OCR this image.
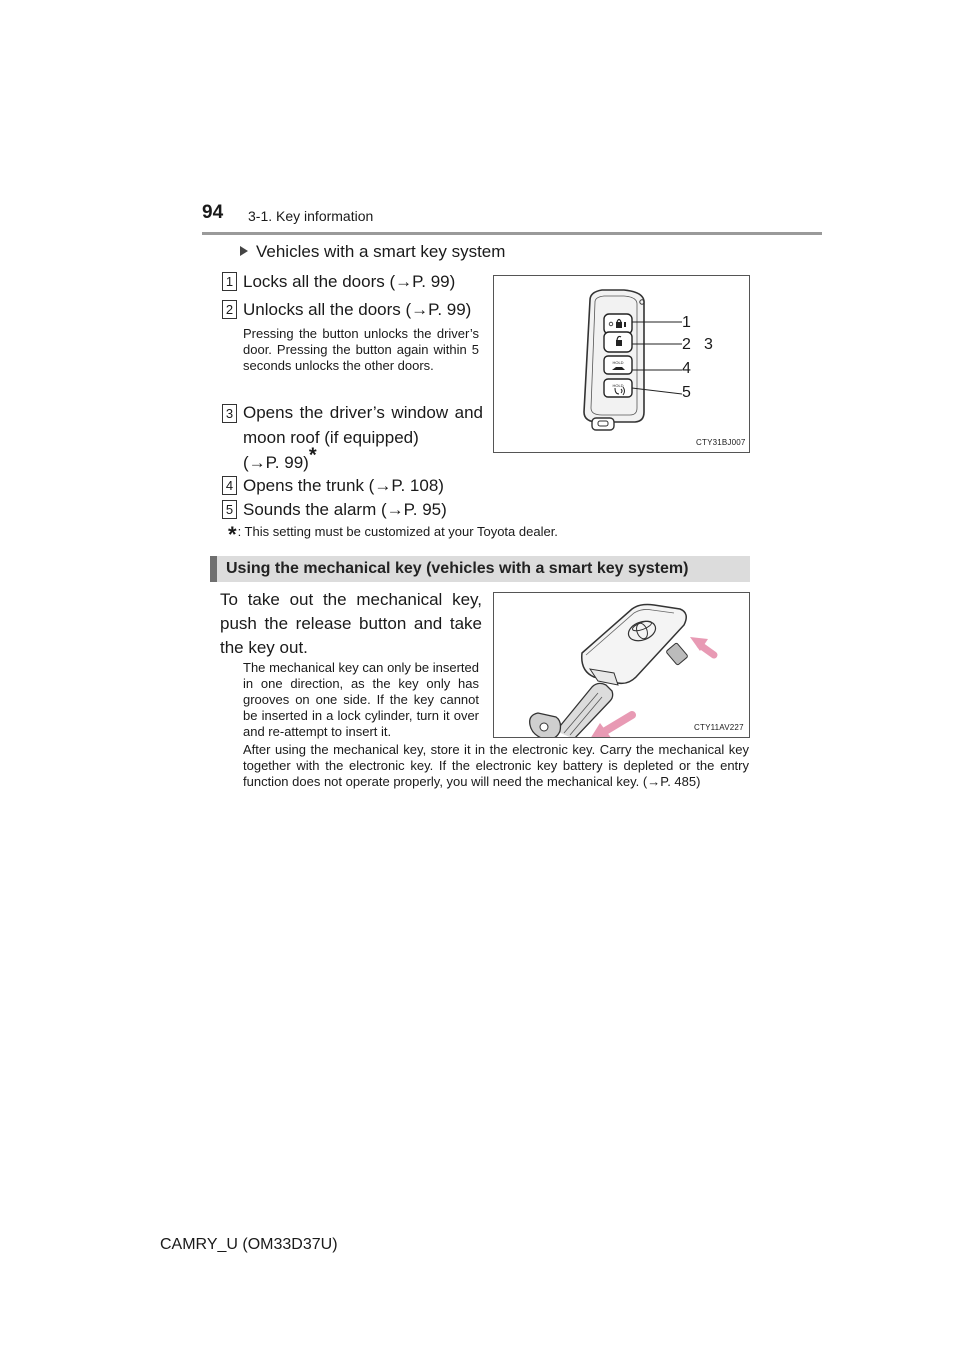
94 3-1. Key information
Vehicles with a smart key system
1 Locks all the doors (→P. 99)
2 Unlocks all the doors (→P. 99)
Pressing the button unlocks the driver’s door. Pressing the button again within 5 seconds unlocks the other doors.
3 Opens the driver’s window and
moon roof (if equipped)
(→P. 99)*
4 Opens the trunk (→P. 108)
5 Sounds the alarm (→P. 95)
HOLD
HOLD
1
2 3
4
5
CTY31BJ007
*: This setting must be customized at your Toyota dealer.
Using the mechanical key (vehicles with a smart key system)
To take out the mechanical key, push the release button and take the key out.
The mechanical key can only be inserted in one direction, as the key only has grooves on one side. If the key cannot be inserted in a lock cylinder, turn it over and re-attempt to insert it.
After using the mechanical key, store it in the electronic key. Carry the mechanical key together with the electronic key. If the electronic key battery is depleted or the entry function does not operate properly, you will need the mechanical key. (→P. 485)
CTY11AV227
CAMRY_U (OM33D37U)
